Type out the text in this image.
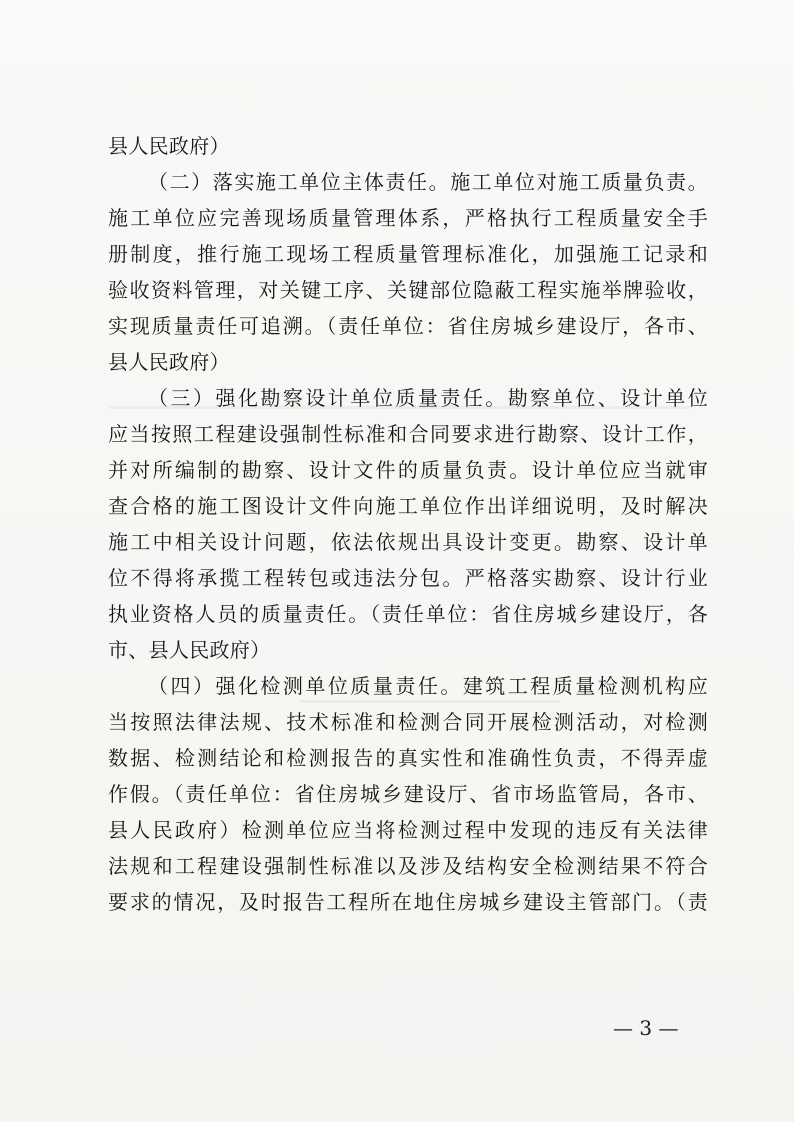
县人民政府）
（二）落实施工单位主体责任。施工单位对施工质量负责。
施工单位应完善现场质量管理体系，严格执行工程质量安全手
册制度，推行施工现场工程质量管理标准化，加强施工记录和
验收资料管理，对关键工序、关键部位隐蔽工程实施举牌验收，
实现质量责任可追溯。（责任单位：省住房城乡建设厅，各市、
县人民政府）
（三）强化勘察设计单位质量责任。勘察单位、设计单位
应当按照工程建设强制性标准和合同要求进行勘察、设计工作，
并对所编制的勘察、设计文件的质量负责。设计单位应当就审
查合格的施工图设计文件向施工单位作出详细说明，及时解决
施工中相关设计问题，依法依规出具设计变更。勘察、设计单
位不得将承揽工程转包或违法分包。严格落实勘察、设计行业
执业资格人员的质量责任。（责任单位：省住房城乡建设厅，各
市、县人民政府）
（四）强化检测单位质量责任。建筑工程质量检测机构应
当按照法律法规、技术标准和检测合同开展检测活动，对检测
数据、检测结论和检测报告的真实性和准确性负责，不得弄虚
作假。（责任单位：省住房城乡建设厅、省市场监管局，各市、
县人民政府）检测单位应当将检测过程中发现的违反有关法律
法规和工程建设强制性标准以及涉及结构安全检测结果不符合
要求的情况，及时报告工程所在地住房城乡建设主管部门。（责
— 3 —
